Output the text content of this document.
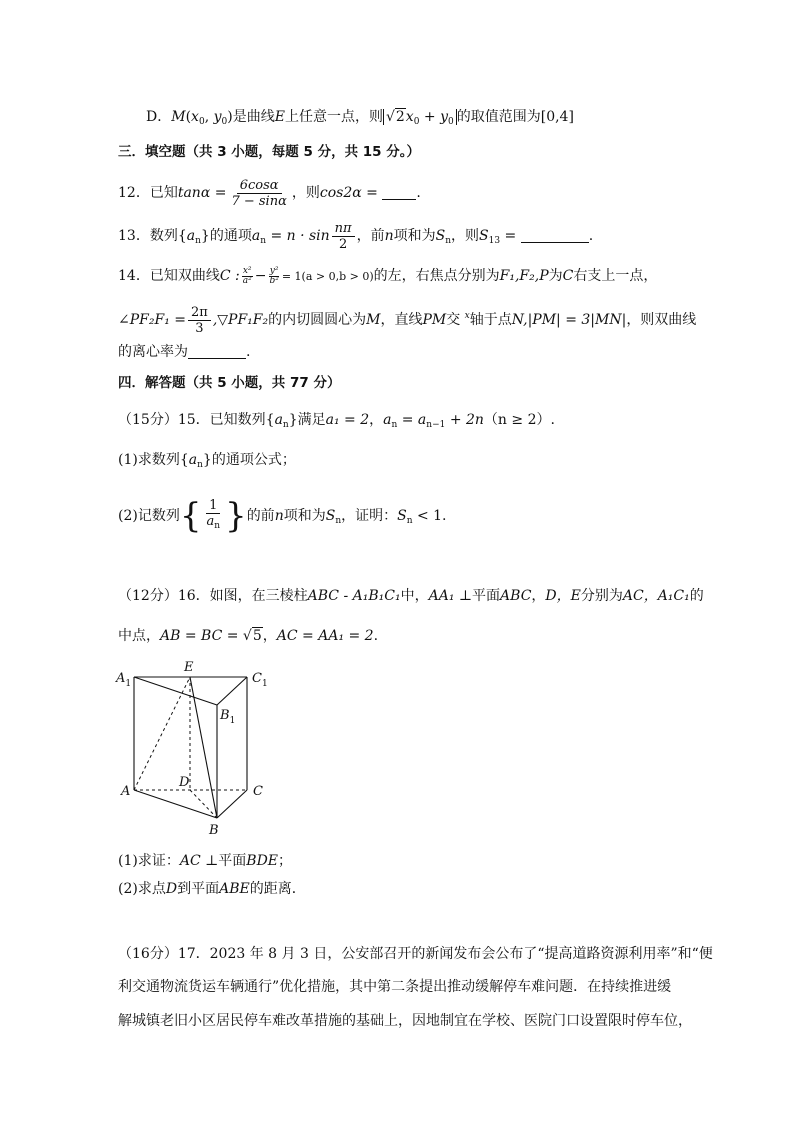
D．$M(x_0$, $y_0$)是曲线E上任意一点，则 $√2x_0 + y_0$ 的取值范围为[0,4]
三．填空题（共 3 小题，每题 5 分，共 15 分。）
12．已知$\tan\alpha = \frac{6\cos\alpha}{7 - \sin\alpha}$ ，则cos2α =	.
13．数列$\{a_n\}$的通项$a_n = n \cdot \sin \frac{n\pi}{2}$ ，前n项和为$S_n$，则$S_{13}$ =	.
14．已知双曲线C : $\frac{\text{x²}}{\text{a²}} - \frac{\text{y²}}{\text{b²}} = 1(a > 0,b > 0)$的左，右焦点分别为F₁,F₂,P为C右支上一点，
∠PF₂F₁ = $\frac{2\pi}{3}$ ,▽PF₁F₂的内切圆圆心为M，直线PM交 $^x$轴于点N,|PM| = 3|MN|，则双曲线
的离心率为	.
四．解答题（共 5 小题，共 77 分）
（15分）15．已知数列$\{a_n\}$满足a₁ = 2，$a_n = a_{n-1} + 2n(n \ge 2)$.
(1)求数列$\{a_n\}$的通项公式；
(2)记数列{ $\frac{1}{a_n}$ }的前n项和为$S_n$，证明：$S_n < 1$.
（12分）16．如图，在三棱柱ABC - A₁B₁C₁中，AA₁ ⊥平面ABC，D，E分别为AC，A₁C₁的
中点，AB = BC = √5，AC = AA₁ = 2.
$A_1$
E
$C_1$
$B_1$
D
A	C
B
(1)求证：AC ⊥平面BDE；
(2)求点D到平面ABE的距离．
（16分）17．2023 年 8 月 3 日，公安部召开的新闻发布会公布了“提高道路资源利用率”和“便
利交通物流货运车辆通行”优化措施，其中第二条提出推动缓解停车难问题．在持续推进缓
解城镇老旧小区居民停车难改革措施的基础上，因地制宜在学校、医院门口设置限时停车位，
